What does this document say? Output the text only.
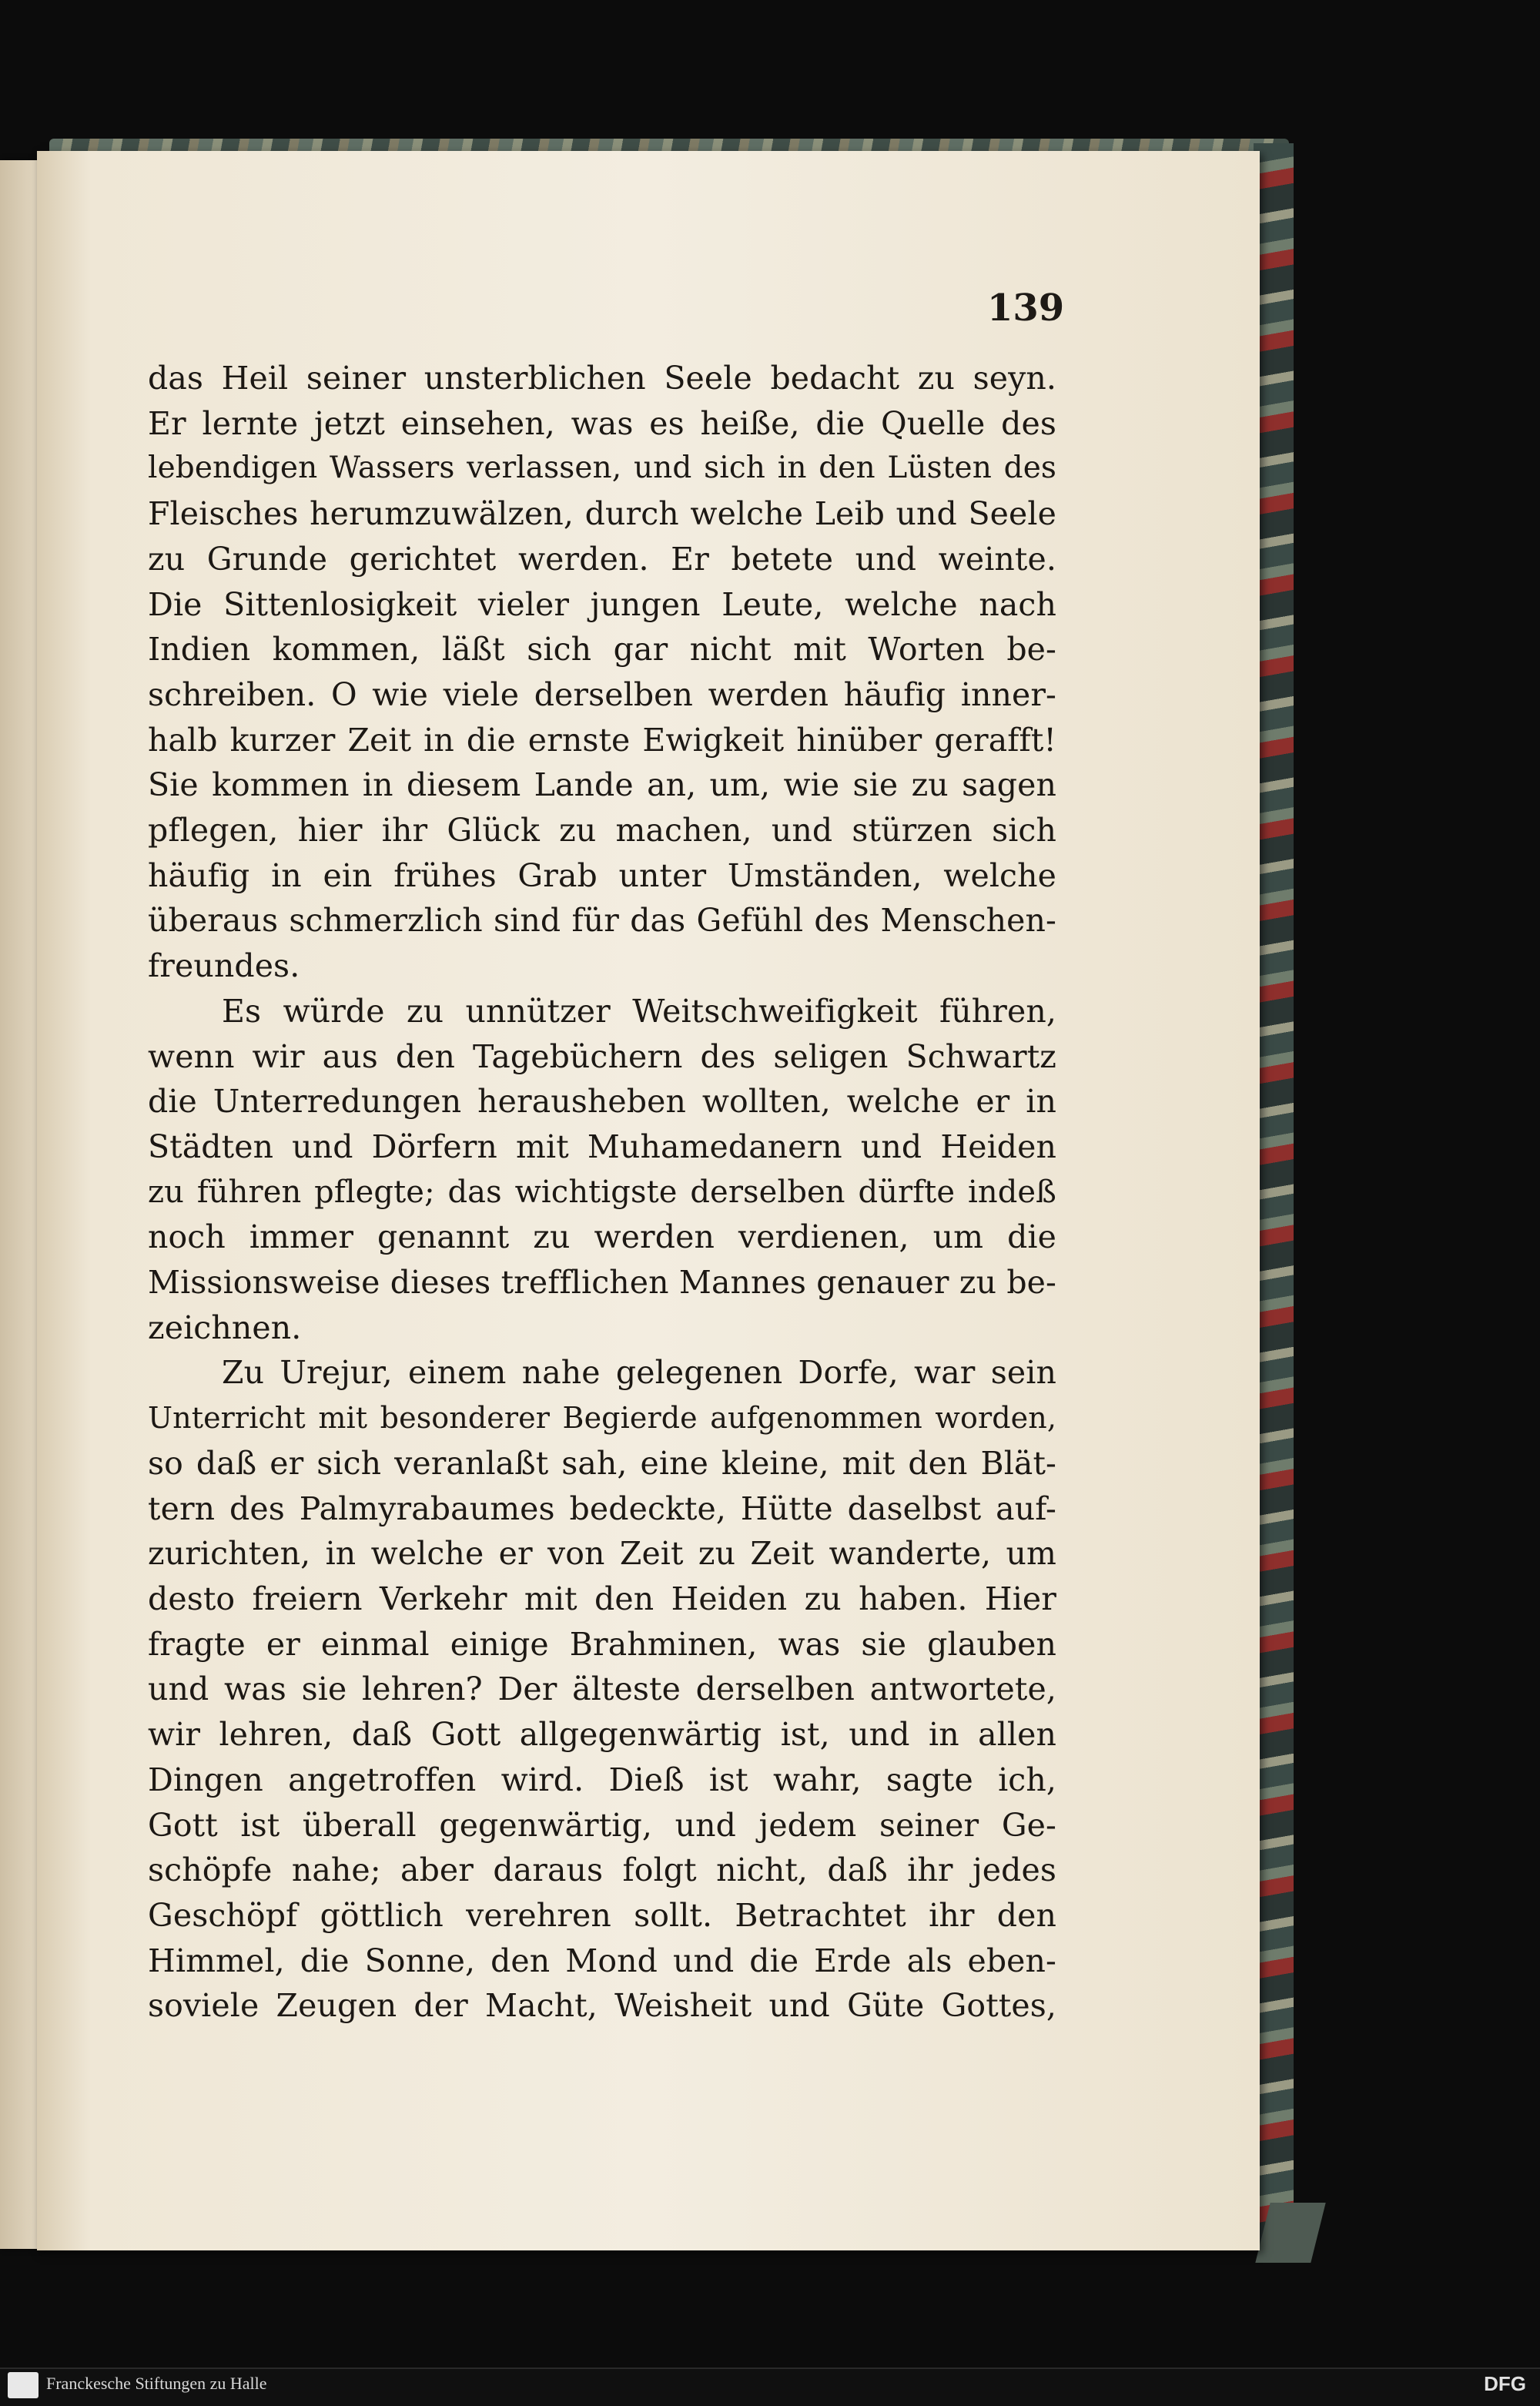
139
das Heil seiner unsterblichen Seele bedacht zu seyn.
Er lernte jetzt einsehen, was es heiße, die Quelle des
lebendigen Wassers verlassen, und sich in den Lüsten des
Fleisches herumzuwälzen, durch welche Leib und Seele
zu Grunde gerichtet werden. Er betete und weinte.
Die Sittenlosigkeit vieler jungen Leute, welche nach
Indien kommen, läßt sich gar nicht mit Worten be-
schreiben. O wie viele derselben werden häufig inner-
halb kurzer Zeit in die ernste Ewigkeit hinüber gerafft!
Sie kommen in diesem Lande an, um, wie sie zu sagen
pflegen, hier ihr Glück zu machen, und stürzen sich
häufig in ein frühes Grab unter Umständen, welche
überaus schmerzlich sind für das Gefühl des Menschen-
freundes.
Es würde zu unnützer Weitschweifigkeit führen,
wenn wir aus den Tagebüchern des seligen Schwartz
die Unterredungen herausheben wollten, welche er in
Städten und Dörfern mit Muhamedanern und Heiden
zu führen pflegte; das wichtigste derselben dürfte indeß
noch immer genannt zu werden verdienen, um die
Missionsweise dieses trefflichen Mannes genauer zu be-
zeichnen.
Zu Urejur, einem nahe gelegenen Dorfe, war sein
Unterricht mit besonderer Begierde aufgenommen worden,
so daß er sich veranlaßt sah, eine kleine, mit den Blät-
tern des Palmyrabaumes bedeckte, Hütte daselbst auf-
zurichten, in welche er von Zeit zu Zeit wanderte, um
desto freiern Verkehr mit den Heiden zu haben. Hier
fragte er einmal einige Brahminen, was sie glauben
und was sie lehren? Der älteste derselben antwortete,
wir lehren, daß Gott allgegenwärtig ist, und in allen
Dingen angetroffen wird. Dieß ist wahr, sagte ich,
Gott ist überall gegenwärtig, und jedem seiner Ge-
schöpfe nahe; aber daraus folgt nicht, daß ihr jedes
Geschöpf göttlich verehren sollt. Betrachtet ihr den
Himmel, die Sonne, den Mond und die Erde als eben-
soviele Zeugen der Macht, Weisheit und Güte Gottes,
Franckesche Stiftungen zu Halle	DFG
